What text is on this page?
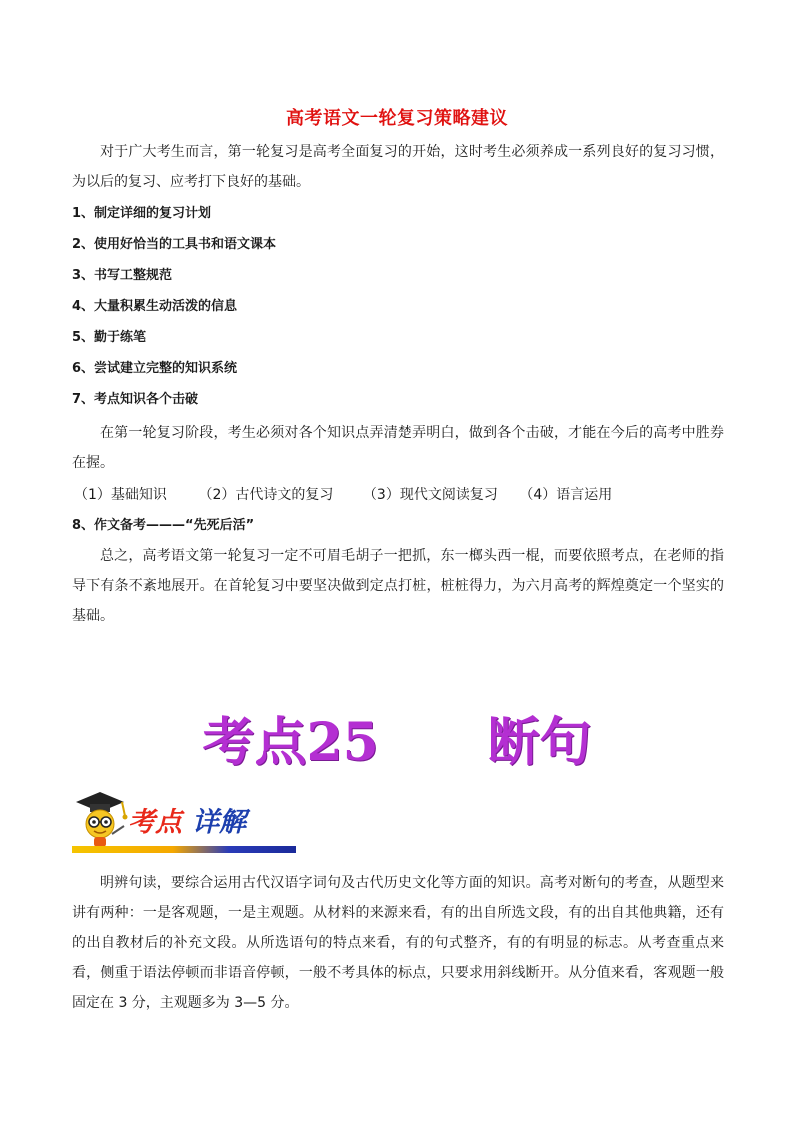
高考语文一轮复习策略建议
对于广大考生而言，第一轮复习是高考全面复习的开始，这时考生必须养成一系列良好的复习习惯，为以后的复习、应考打下良好的基础。
1、制定详细的复习计划
2、使用好恰当的工具书和语文课本
3、书写工整规范
4、大量积累生动活泼的信息
5、勤于练笔
6、尝试建立完整的知识系统
7、考点知识各个击破
在第一轮复习阶段，考生必须对各个知识点弄清楚弄明白，做到各个击破，才能在今后的高考中胜券在握。
（1）基础知识 （2）古代诗文的复习 （3）现代文阅读复习 （4）语言运用
8、作文备考———“先死后活”
总之，高考语文第一轮复习一定不可眉毛胡子一把抓，东一榔头西一棍，而要依照考点，在老师的指导下有条不紊地展开。在首轮复习中要坚决做到定点打桩，桩桩得力，为六月高考的辉煌奠定一个坚实的基础。
考点25      断句
考点 详解
明辨句读，要综合运用古代汉语字词句及古代历史文化等方面的知识。高考对断句的考查，从题型来讲有两种：一是客观题，一是主观题。从材料的来源来看，有的出自所选文段，有的出自其他典籍，还有的出自教材后的补充文段。从所选语句的特点来看，有的句式整齐，有的有明显的标志。从考查重点来看，侧重于语法停顿而非语音停顿，一般不考具体的标点，只要求用斜线断开。从分值来看，客观题一般固定在 3 分，主观题多为 3—5 分。
